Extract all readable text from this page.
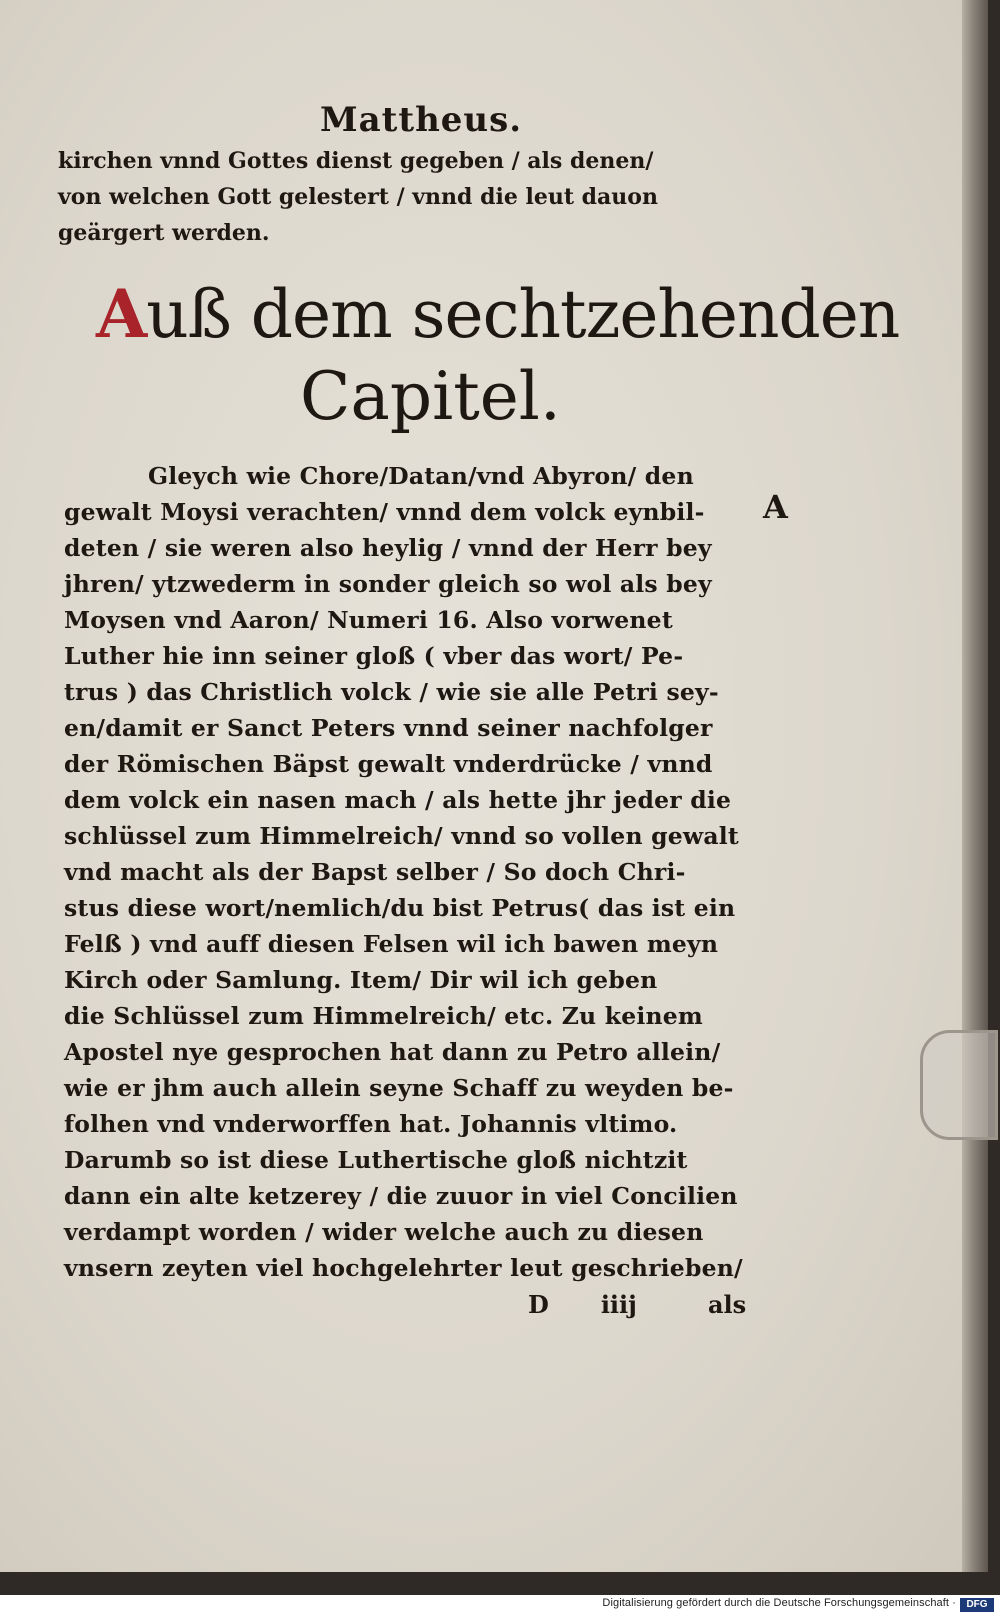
Mattheus.
kirchen vnnd Gottes dienst gegeben / als denen/
von welchen Gott gelestert / vnnd die leut dauon
geärgert werden.
Auß dem sechtzehenden
Capitel.
Gleych wie Chore/Datan/vnd Abyron/ den
gewalt Moysi verachten/ vnnd dem volck eynbil-
deten / sie weren also heylig / vnnd der Herr bey
jhren/ ytzwederm in sonder gleich so wol als bey
Moysen vnd Aaron/ Numeri 16. Also vorwenet
Luther hie inn seiner gloß ( vber das wort/ Pe-
trus ) das Christlich volck / wie sie alle Petri sey-
en/damit er Sanct Peters vnnd seiner nachfolger
der Römischen Bäpst gewalt vnderdrücke / vnnd
dem volck ein nasen mach / als hette jhr jeder die
schlüssel zum Himmelreich/ vnnd so vollen gewalt
vnd macht als der Bapst selber / So doch Chri-
stus diese wort/nemlich/du bist Petrus( das ist ein
Felß ) vnd auff diesen Felsen wil ich bawen meyn
Kirch oder Samlung. Item/ Dir wil ich geben
die Schlüssel zum Himmelreich/ etc. Zu keinem
Apostel nye gesprochen hat dann zu Petro allein/
wie er jhm auch allein seyne Schaff zu weyden be-
folhen vnd vnderworffen hat. Johannis vltimo.
Darumb so ist diese Luthertische gloß nichtzit
dann ein alte ketzerey / die zuuor in viel Concilien
verdampt worden / wider welche auch zu diesen
vnsern zeyten viel hochgelehrter leut geschrieben/
A
D iiij	als
Digitalisierung gefördert durch die Deutsche Forschungsgemeinschaft ·	DFG
